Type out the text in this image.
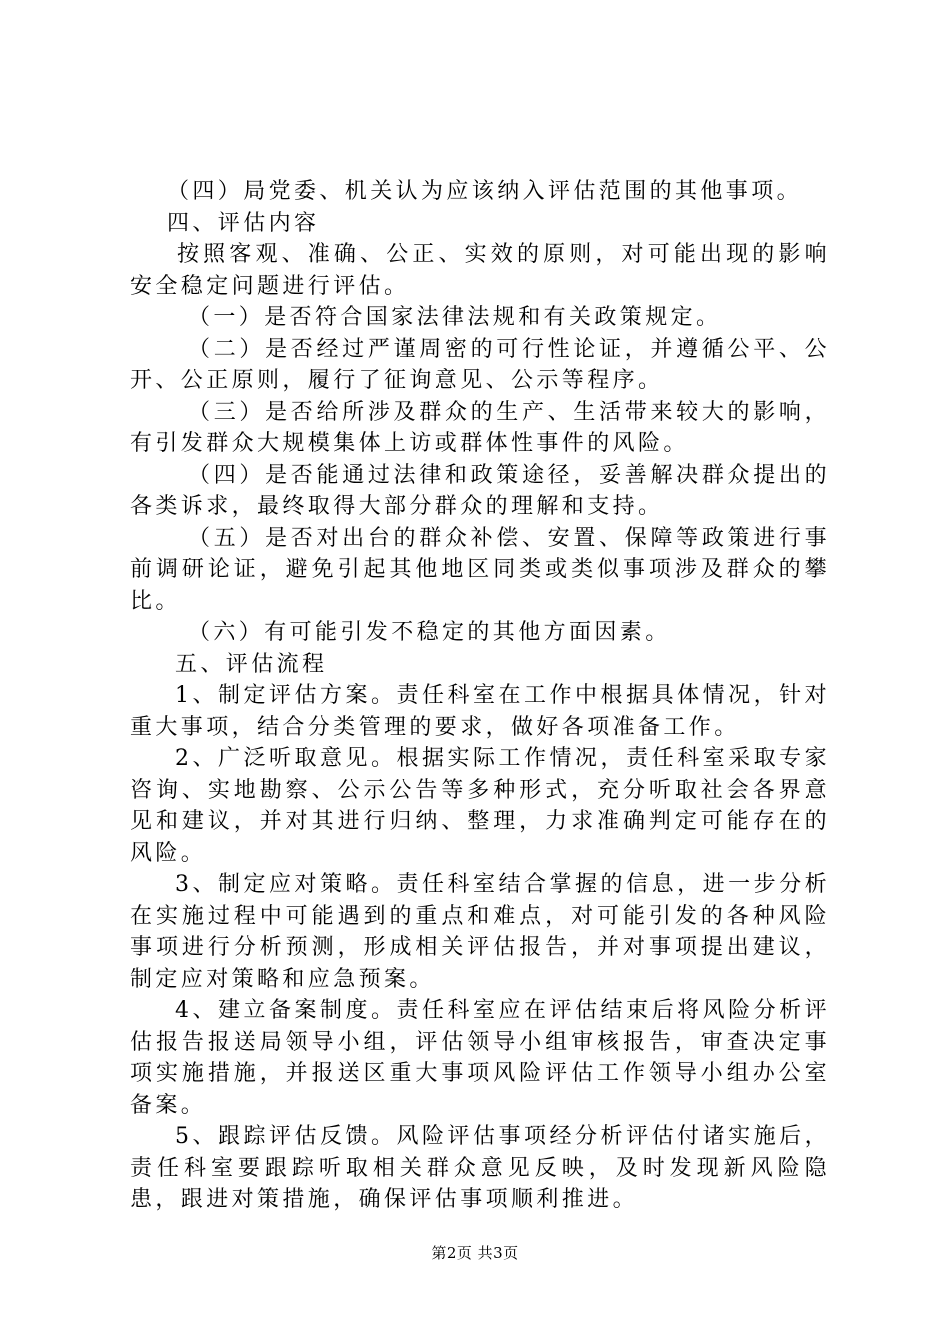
（四）局党委、机关认为应该纳入评估范围的其他事项。

四、评估内容

按照客观、准确、公正、实效的原则，对可能出现的影响安全稳定问题进行评估。

（一）是否符合国家法律法规和有关政策规定。

（二）是否经过严谨周密的可行性论证，并遵循公平、公开、公正原则，履行了征询意见、公示等程序。

（三）是否给所涉及群众的生产、生活带来较大的影响，有引发群众大规模集体上访或群体性事件的风险。

（四）是否能通过法律和政策途径，妥善解决群众提出的各类诉求，最终取得大部分群众的理解和支持。

（五）是否对出台的群众补偿、安置、保障等政策进行事前调研论证，避免引起其他地区同类或类似事项涉及群众的攀比。

（六）有可能引发不稳定的其他方面因素。

五、评估流程

1、制定评估方案。责任科室在工作中根据具体情况，针对重大事项，结合分类管理的要求，做好各项准备工作。

2、广泛听取意见。根据实际工作情况，责任科室采取专家咨询、实地勘察、公示公告等多种形式，充分听取社会各界意见和建议，并对其进行归纳、整理，力求准确判定可能存在的风险。

3、制定应对策略。责任科室结合掌握的信息，进一步分析在实施过程中可能遇到的重点和难点，对可能引发的各种风险事项进行分析预测，形成相关评估报告，并对事项提出建议，制定应对策略和应急预案。

4、建立备案制度。责任科室应在评估结束后将风险分析评估报告报送局领导小组，评估领导小组审核报告，审查决定事项实施措施，并报送区重大事项风险评估工作领导小组办公室备案。

5、跟踪评估反馈。风险评估事项经分析评估付诸实施后，责任科室要跟踪听取相关群众意见反映，及时发现新风险隐患，跟进对策措施，确保评估事项顺利推进。

第2页 共3页
